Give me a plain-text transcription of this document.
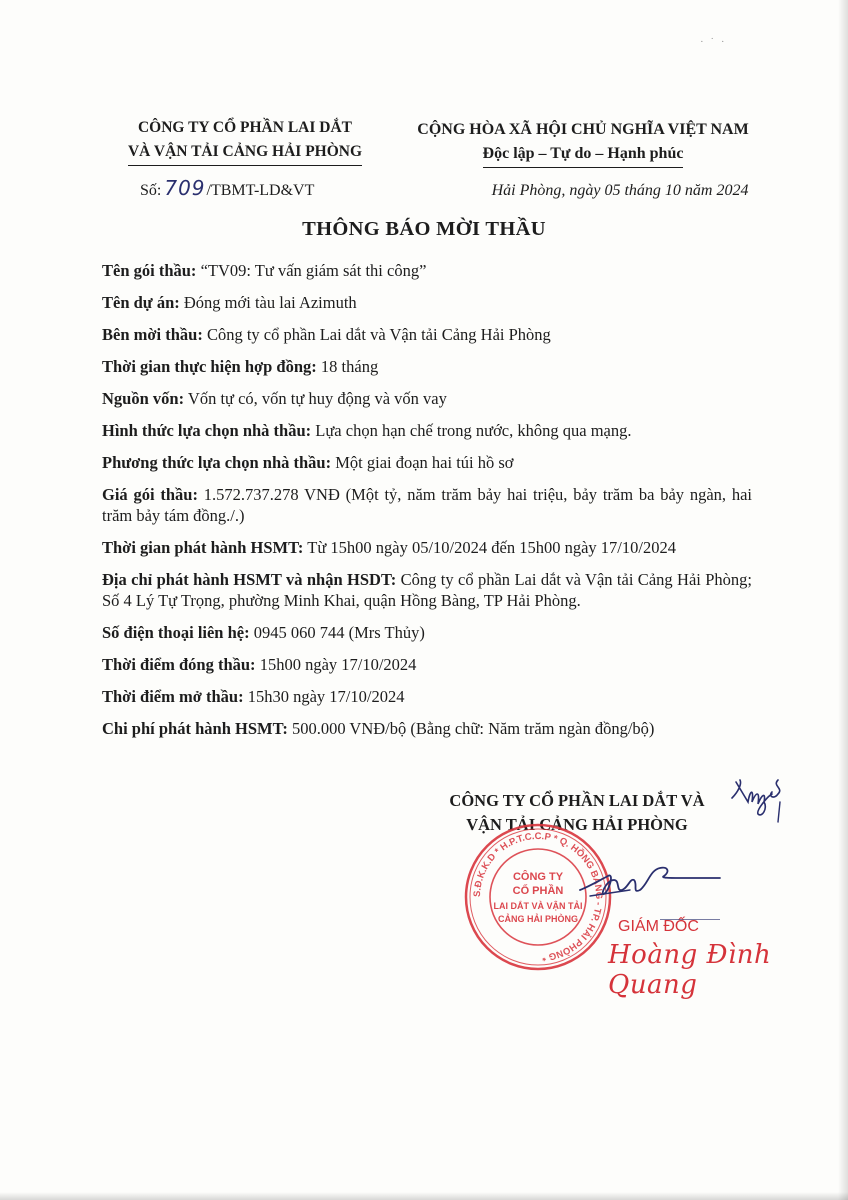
· ˙ ·
CÔNG TY CỔ PHẦN LAI DẮT
VÀ VẬN TẢI CẢNG HẢI PHÒNG
CỘNG HÒA XÃ HỘI CHỦ NGHĨA VIỆT NAM
Độc lập – Tự do – Hạnh phúc
Số: 709/TBMT-LD&VT	Hải Phòng, ngày 05 tháng 10 năm 2024
THÔNG BÁO MỜI THẦU
Tên gói thầu: “TV09: Tư vấn giám sát thi công”
Tên dự án: Đóng mới tàu lai Azimuth
Bên mời thầu: Công ty cổ phần Lai dắt và Vận tải Cảng Hải Phòng
Thời gian thực hiện hợp đồng: 18 tháng
Nguồn vốn: Vốn tự có, vốn tự huy động và vốn vay
Hình thức lựa chọn nhà thầu: Lựa chọn hạn chế trong nước, không qua mạng.
Phương thức lựa chọn nhà thầu: Một giai đoạn hai túi hồ sơ
Giá gói thầu: 1.572.737.278 VNĐ (Một tỷ, năm trăm bảy hai triệu, bảy trăm ba bảy ngàn, hai trăm bảy tám đồng./.)
Thời gian phát hành HSMT: Từ 15h00 ngày 05/10/2024 đến 15h00 ngày 17/10/2024
Địa chỉ phát hành HSMT và nhận HSDT: Công ty cổ phần Lai dắt và Vận tải Cảng Hải Phòng; Số 4 Lý Tự Trọng, phường Minh Khai, quận Hồng Bàng, TP Hải Phòng.
Số điện thoại liên hệ: 0945 060 744 (Mrs Thủy)
Thời điểm đóng thầu: 15h00 ngày 17/10/2024
Thời điểm mở thầu: 15h30 ngày 17/10/2024
Chi phí phát hành HSMT: 500.000 VNĐ/bộ (Bằng chữ: Năm trăm ngàn đồng/bộ)
CÔNG TY CỔ PHẦN LAI DẮT VÀ
VẬN TẢI CẢNG HẢI PHÒNG
S.Đ.K.K.D * H.P.T.C.C.P * Q. HỒNG BÀNG - TP. HẢI PHÒNG *
CÔNG TY
CỔ PHẦN
LAI DẮT VÀ VẬN TẢI
CẢNG HẢI PHÒNG GIÁM ĐỐC
Hoàng Đình Quang
